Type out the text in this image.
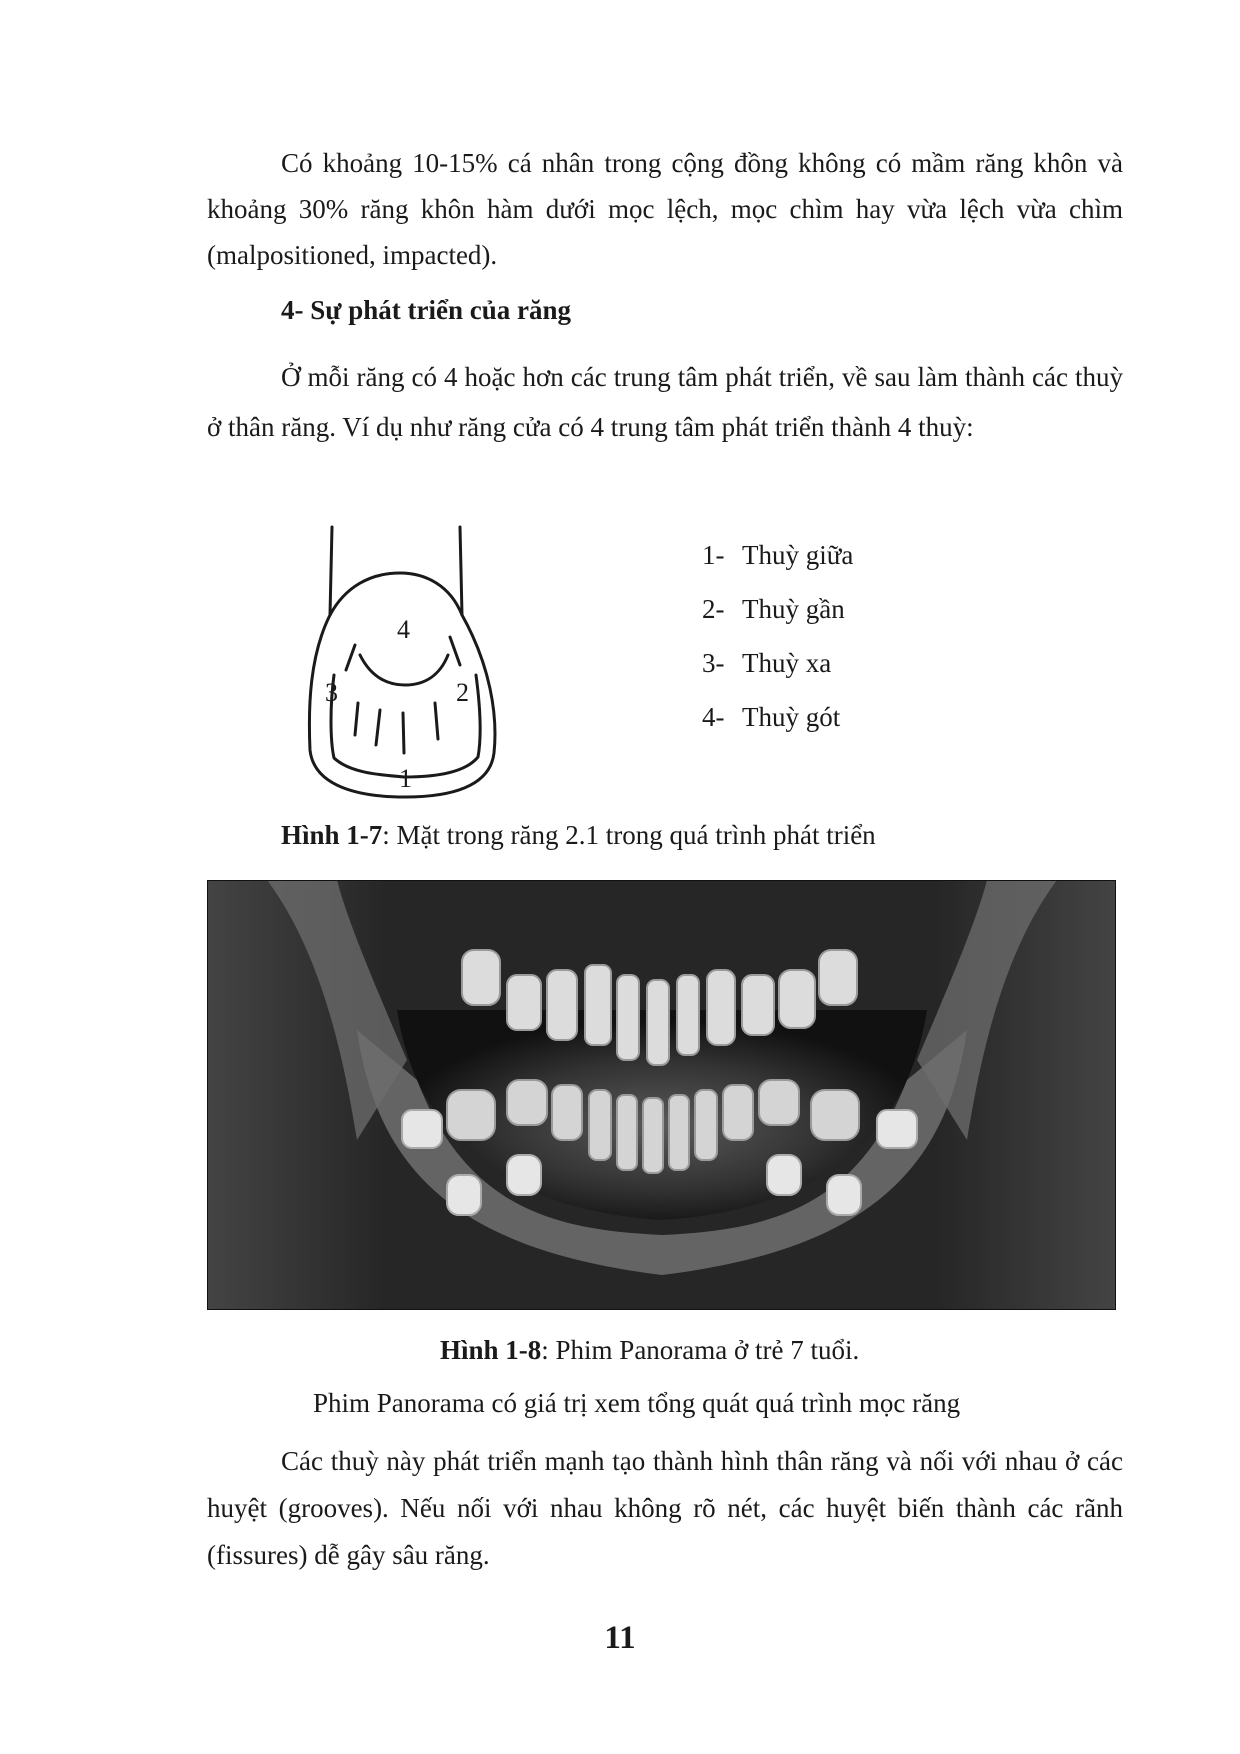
Có khoảng 10-15% cá nhân trong cộng đồng không có mầm răng khôn và khoảng 30% răng khôn hàm dưới mọc lệch, mọc chìm hay vừa lệch vừa chìm (malpositioned, impacted).

4- Sự phát triển của răng

Ở mỗi răng có 4 hoặc hơn các trung tâm phát triển, về sau làm thành các thuỳ ở thân răng. Ví dụ như răng cửa có 4 trung tâm phát triển thành 4 thuỳ:

4
3	2
1
1- Thuỳ giữa
2- Thuỳ gần
3- Thuỳ xa
4- Thuỳ gót

Hình 1-7: Mặt trong răng 2.1 trong quá trình phát triển

Hình 1-8: Phim Panorama ở trẻ 7 tuổi.

Phim Panorama có giá trị xem tổng quát quá trình mọc răng

Các thuỳ này phát triển mạnh tạo thành hình thân răng và nối với nhau ở các huyệt (grooves). Nếu nối với nhau không rõ nét, các huyệt biến thành các rãnh (fissures) dễ gây sâu răng.

11
